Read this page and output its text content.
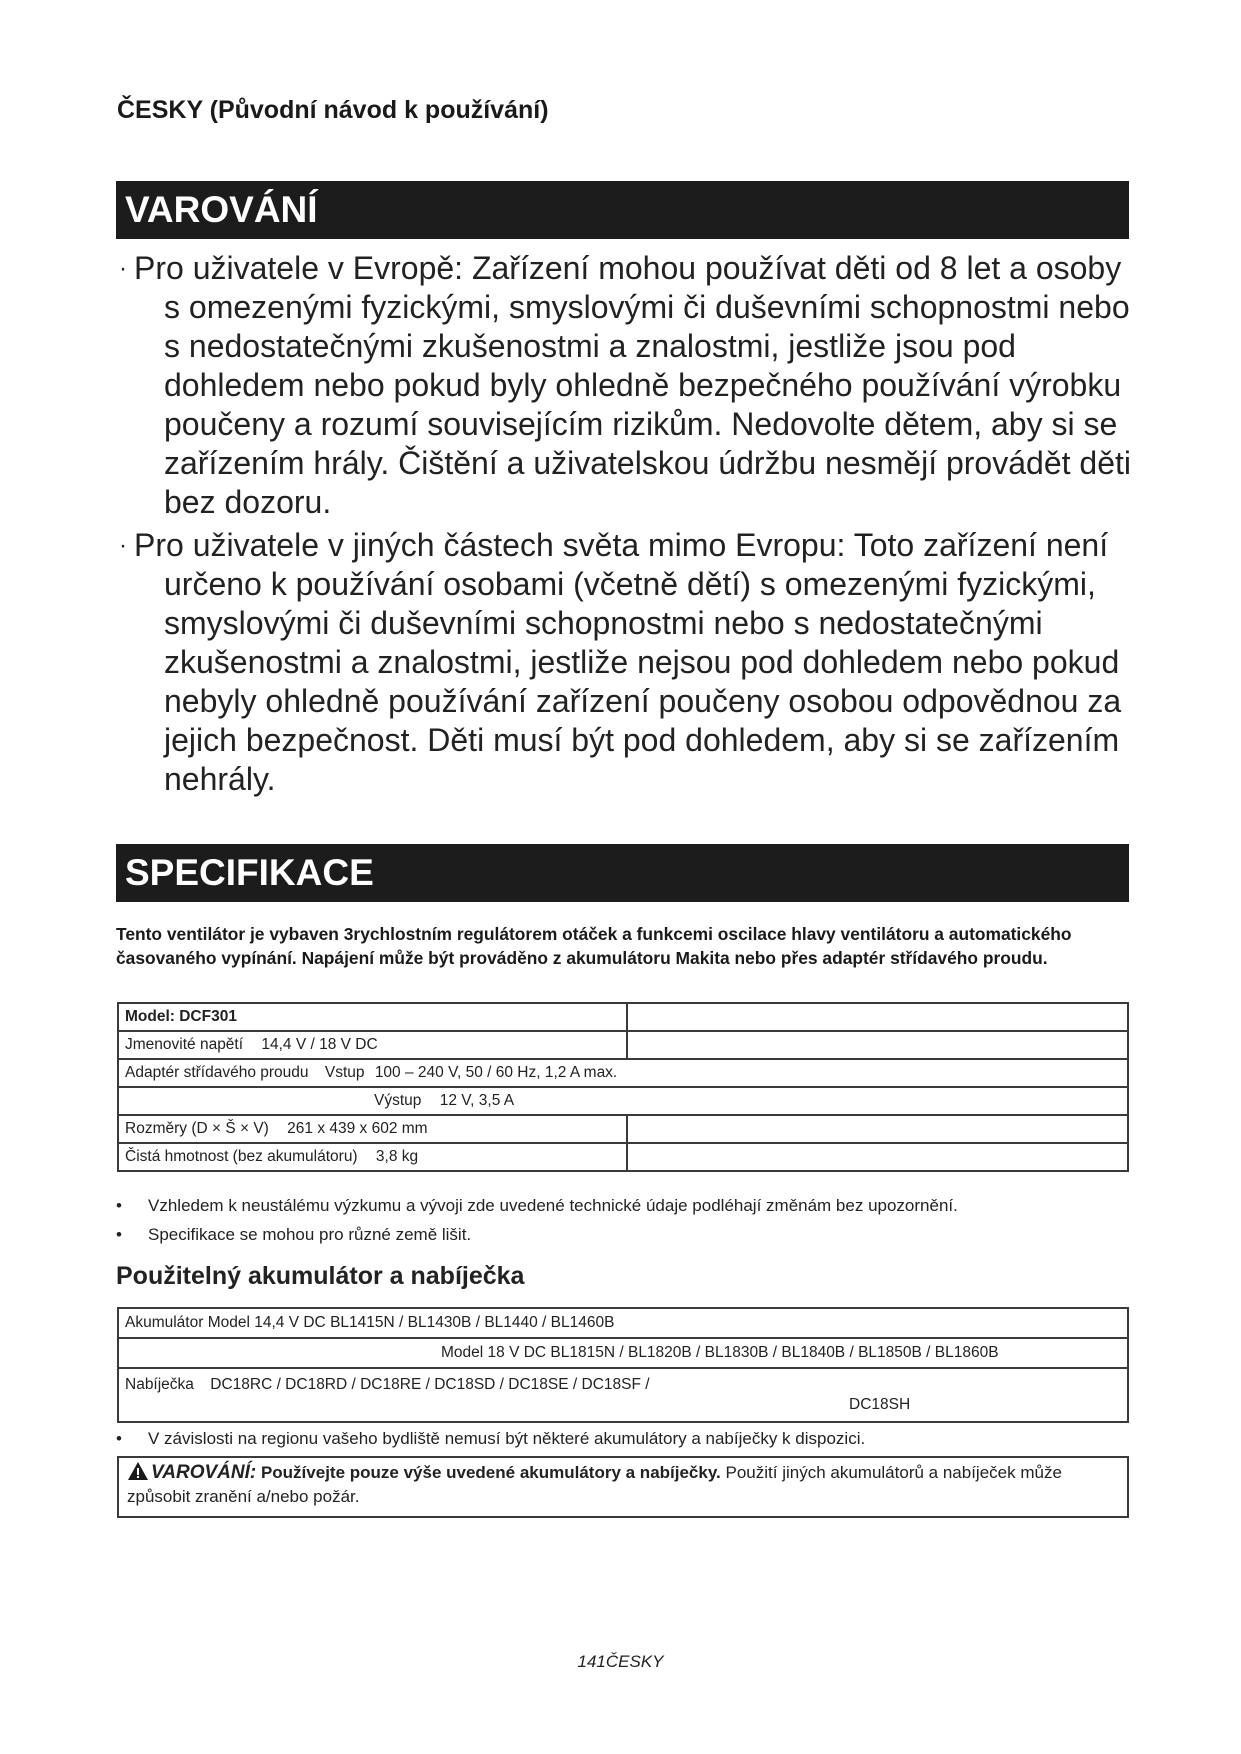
ČESKY (Původní návod k používání)
VAROVÁNÍ
· Pro uživatele v Evropě: Zařízení mohou používat děti od 8 let a osoby s omezenými fyzickými, smyslovými či duševními schopnostmi nebo s nedostatečnými zkušenostmi a znalostmi, jestliže jsou pod dohledem nebo pokud byly ohledně bezpečného používání výrobku poučeny a rozumí souvisejícím rizikům. Nedovolte dětem, aby si se zařízením hrály. Čištění a uživatelskou údržbu nesmějí provádět děti bez dozoru.

· Pro uživatele v jiných částech světa mimo Evropu: Toto zařízení není určeno k používání osobami (včetně dětí) s omezenými fyzickými, smyslovými či duševními schopnostmi nebo s nedostatečnými zkušenostmi a znalostmi, jestliže nejsou pod dohledem nebo pokud nebyly ohledně používání zařízení poučeny osobou odpovědnou za jejich bezpečnost. Děti musí být pod dohledem, aby si se zařízením nehrály.

SPECIFIKACE
Tento ventilátor je vybaven 3rychlostním regulátorem otáček a funkcemi oscilace hlavy ventilátoru a automatického časovaného vypínání. Napájení může být prováděno z akumulátoru Makita nebo přes adaptér střídavého proudu.
Model: DCF301	
Jmenovité napětí 14,4 V / 18 V DC	
Adaptér střídavého proudu Vstup 100 – 240 V, 50 / 60 Hz, 1,2 A max.	
Výstup 12 V, 3,5 A	
Rozměry (D × Š × V) 261 x 439 x 602 mm	
Čistá hmotnost (bez akumulátoru) 3,8 kg	
• Vzhledem k neustálému výzkumu a vývoji zde uvedené technické údaje podléhají změnám bez upozornění.
• Specifikace se mohou pro různé země lišit.
Použitelný akumulátor a nabíječka
Akumulátor Model 14,4 V DC BL1415N / BL1430B / BL1440 / BL1460B
Model 18 V DC BL1815N / BL1820B / BL1830B / BL1840B / BL1850B / BL1860B
Nabíječka DC18RC / DC18RD / DC18RE / DC18SD / DC18SE / DC18SF /
DC18SH
• V závislosti na regionu vašeho bydliště nemusí být některé akumulátory a nabíječky k dispozici.
VAROVÁNÍ: Používejte pouze výše uvedené akumulátory a nabíječky. Použití jiných akumulátorů a nabíječek může způsobit zranění a/nebo požár.
141ČESKY
